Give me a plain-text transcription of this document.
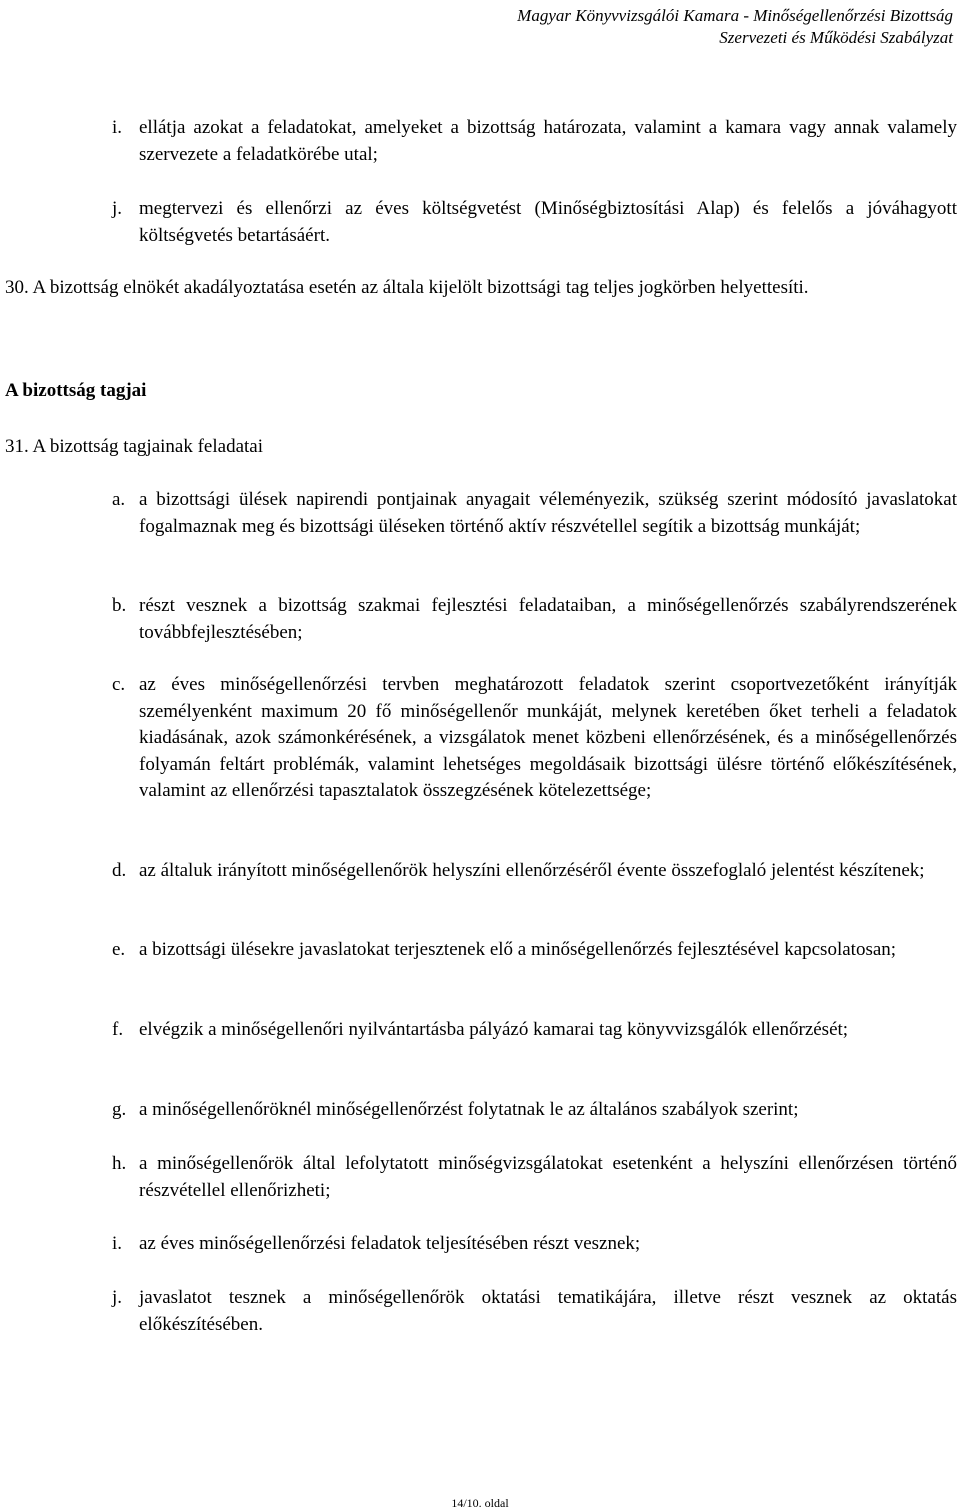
Magyar Könyvvizsgálói Kamara - Minőségellenőrzési Bizottság
Szervezeti és Működési Szabályzat
i. ellátja azokat a feladatokat, amelyeket a bizottság határozata, valamint a kamara vagy annak valamely szervezete a feladatkörébe utal;
j. megtervezi és ellenőrzi az éves költségvetést (Minőségbiztosítási Alap) és felelős a jóváhagyott költségvetés betartásáért.
30. A bizottság elnökét akadályoztatása esetén az általa kijelölt bizottsági tag teljes jogkörben helyettesíti.
A bizottság tagjai
31. A bizottság tagjainak feladatai
a. a bizottsági ülések napirendi pontjainak anyagait véleményezik, szükség szerint módosító javaslatokat fogalmaznak meg és bizottsági üléseken történő aktív részvétellel segítik a bizottság munkáját;
b. részt vesznek a bizottság szakmai fejlesztési feladataiban, a minőségellenőrzés szabályrendszerének továbbfejlesztésében;
c. az éves minőségellenőrzési tervben meghatározott feladatok szerint csoportvezetőként irányítják személyenként maximum 20 fő minőségellenőr munkáját, melynek keretében őket terheli a feladatok kiadásának, azok számonkérésének, a vizsgálatok menet közbeni ellenőrzésének, és a minőségellenőrzés folyamán feltárt problémák, valamint lehetséges megoldásaik bizottsági ülésre történő előkészítésének, valamint az ellenőrzési tapasztalatok összegzésének kötelezettsége;
d. az általuk irányított minőségellenőrök helyszíni ellenőrzéséről évente összefoglaló jelentést készítenek;
e. a bizottsági ülésekre javaslatokat terjesztenek elő a minőségellenőrzés fejlesztésével kapcsolatosan;
f. elvégzik a minőségellenőri nyilvántartásba pályázó kamarai tag könyvvizsgálók ellenőrzését;
g. a minőségellenőröknél minőségellenőrzést folytatnak le az általános szabályok szerint;
h. a minőségellenőrök által lefolytatott minőségvizsgálatokat esetenként a helyszíni ellenőrzésen történő részvétellel ellenőrizheti;
i. az éves minőségellenőrzési feladatok teljesítésében részt vesznek;
j. javaslatot tesznek a minőségellenőrök oktatási tematikájára, illetve részt vesznek az oktatás előkészítésében.
14/10. oldal
